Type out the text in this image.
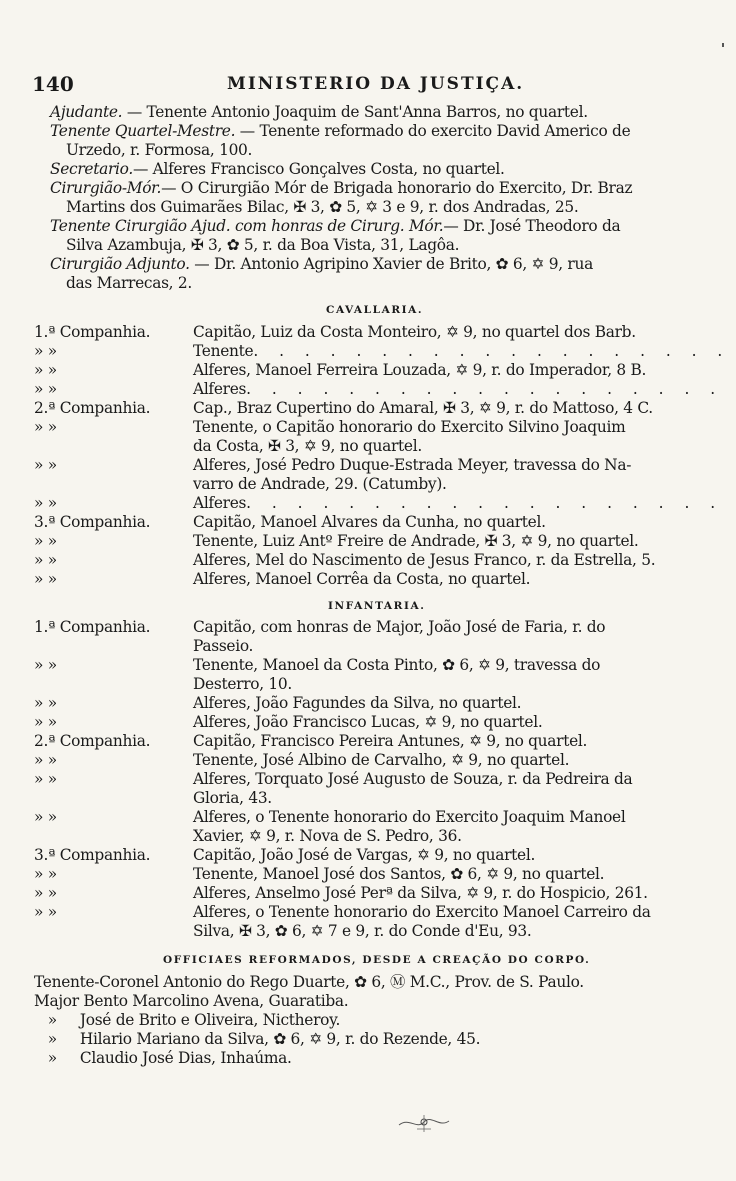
140	MINISTERIO DA JUSTIÇA.
Ajudante. — Tenente Antonio Joaquim de Sant'Anna Barros, no quartel.
Tenente Quartel-Mestre. — Tenente reformado do exercito David Americo de
Urzedo, r. Formosa, 100.
Secretario.— Alferes Francisco Gonçalves Costa, no quartel.
Cirurgião-Mór.— O Cirurgião Mór de Brigada honorario do Exercito, Dr. Braz
Martins dos Guimarães Bilac, ✠ 3, ✿ 5, ✡ 3 e 9, r. dos Andradas, 25.
Tenente Cirurgião Ajud. com honras de Cirurg. Mór.— Dr. José Theodoro da
Silva Azambuja, ✠ 3, ✿ 5, r. da Boa Vista, 31, Lagôa.
Cirurgião Adjunto. — Dr. Antonio Agripino Xavier de Brito, ✿ 6, ✡ 9, rua
das Marrecas, 2.
CAVALLARIA.
1.ª Companhia.	Capitão, Luiz da Costa Monteiro, ✡ 9, no quartel dos Barb.
» »	Tenente. . . . . . . . . . . . . . . . . . .
» »	Alferes, Manoel Ferreira Louzada, ✡ 9, r. do Imperador, 8 B.
» »	Alferes. . . . . . . . . . . . . . . . . . .
2.ª Companhia.	Cap., Braz Cupertino do Amaral, ✠ 3, ✡ 9, r. do Mattoso, 4 C.
» »	Tenente, o Capitão honorario do Exercito Silvino Joaquim
da Costa, ✠ 3, ✡ 9, no quartel.
» »	Alferes, José Pedro Duque-Estrada Meyer, travessa do Na-
varro de Andrade, 29. (Catumby).
» »	Alferes. . . . . . . . . . . . . . . . . . .
3.ª Companhia.	Capitão, Manoel Alvares da Cunha, no quartel.
» »	Tenente, Luiz Antº Freire de Andrade, ✠ 3, ✡ 9, no quartel.
» »	Alferes, Mel do Nascimento de Jesus Franco, r. da Estrella, 5.
» »	Alferes, Manoel Corrêa da Costa, no quartel.
INFANTARIA.
1.ª Companhia.	Capitão, com honras de Major, João José de Faria, r. do
Passeio.
» »	Tenente, Manoel da Costa Pinto, ✿ 6, ✡ 9, travessa do
Desterro, 10.
» »	Alferes, João Fagundes da Silva, no quartel.
» »	Alferes, João Francisco Lucas, ✡ 9, no quartel.
2.ª Companhia.	Capitão, Francisco Pereira Antunes, ✡ 9, no quartel.
» »	Tenente, José Albino de Carvalho, ✡ 9, no quartel.
» »	Alferes, Torquato José Augusto de Souza, r. da Pedreira da
Gloria, 43.
» »	Alferes, o Tenente honorario do Exercito Joaquim Manoel
Xavier, ✡ 9, r. Nova de S. Pedro, 36.
3.ª Companhia.	Capitão, João José de Vargas, ✡ 9, no quartel.
» »	Tenente, Manoel José dos Santos, ✿ 6, ✡ 9, no quartel.
» »	Alferes, Anselmo José Perª da Silva, ✡ 9, r. do Hospicio, 261.
» »	Alferes, o Tenente honorario do Exercito Manoel Carreiro da
Silva, ✠ 3, ✿ 6, ✡ 7 e 9, r. do Conde d'Eu, 93.
OFFICIAES REFORMADOS, DESDE A CREAÇÃO DO CORPO.
Tenente-Coronel Antonio do Rego Duarte, ✿ 6, Ⓜ M.C., Prov. de S. Paulo.
Major Bento Marcolino Avena, Guaratiba.
»     José de Brito e Oliveira, Nictheroy.
»     Hilario Mariano da Silva, ✿ 6, ✡ 9, r. do Rezende, 45.
»     Claudio José Dias, Inhaúma.
